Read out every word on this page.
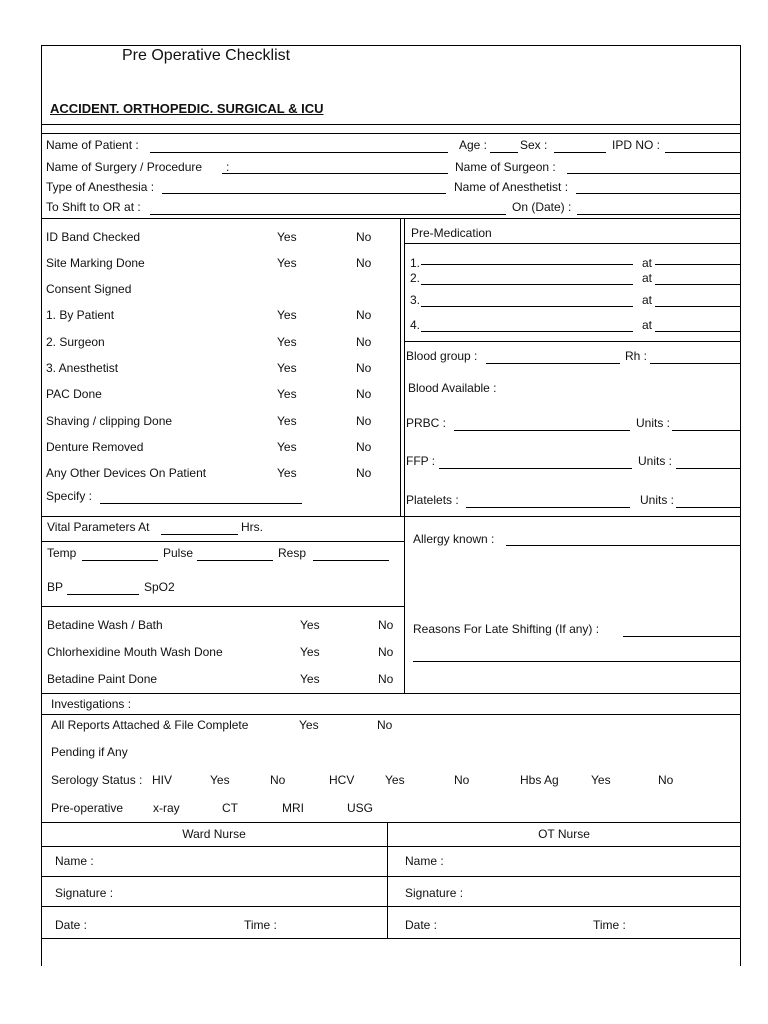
Pre Operative Checklist
ACCIDENT. ORTHOPEDIC. SURGICAL & ICU
Name of Patient :	Age :	Sex :	IPD NO :
Name of Surgery / Procedure :	Name of Surgeon :
Type of Anesthesia :	Name of Anesthetist :
To Shift to OR at :	On (Date) :
ID Band Checked	Yes	No
Site Marking Done	Yes	No
Consent Signed
1. By Patient	Yes	No
2. Surgeon	Yes	No
3. Anesthetist	Yes	No
PAC Done	Yes	No
Shaving / clipping Done	Yes	No
Denture Removed	Yes	No
Any Other Devices On Patient	Yes	No
Specify :
Pre-Medication
1.	at
2.	at
3.	at
4.	at
Blood group :	Rh :
Blood Available :
PRBC :	Units :
FFP :	Units :
Platelets :	Units :
Vital Parameters At	Hrs.
Temp	Pulse	Resp
BP	SpO2
Betadine Wash / Bath	Yes	No
Chlorhexidine Mouth Wash Done	Yes	No
Betadine Paint Done	Yes	No
Allergy known :
Reasons For Late Shifting (If any) :
Investigations :
All Reports Attached & File Complete	Yes	No
Pending if Any
Serology Status : HIV	Yes	No	HCV	Yes	No	Hbs Ag	Yes	No
Pre-operative x-ray	CT	MRI	USG
Ward Nurse	OT Nurse
Name :	Name :
Signature :	Signature :
Date :	Time :	Date :	Time :
